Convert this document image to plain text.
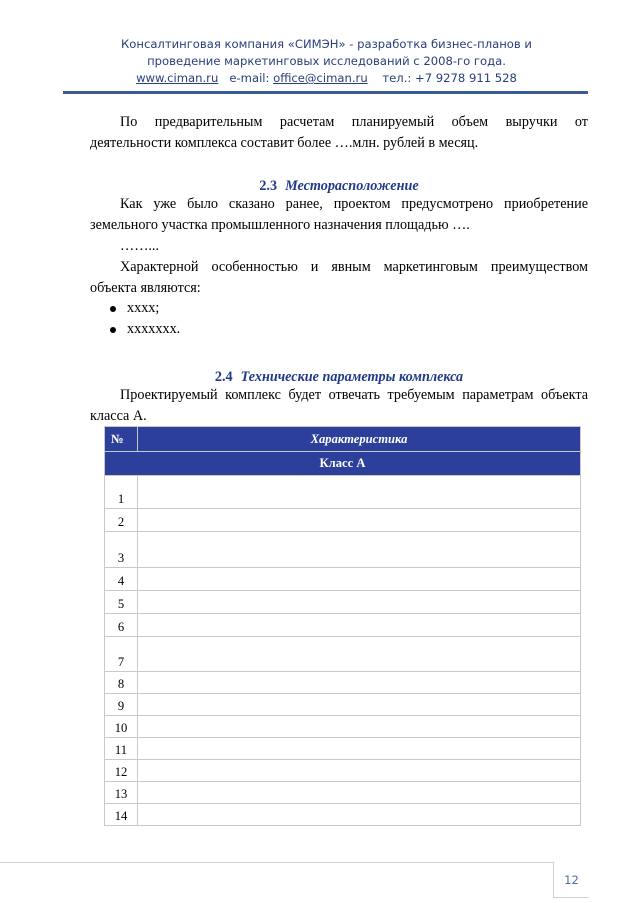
Консалтинговая компания «СИМЭН» - разработка бизнес-планов и
проведение маркетинговых исследований с 2008-го года.
www.ciman.ru e-mail: office@ciman.ru тел.: +7 9278 911 528

По предварительным расчетам планируемый объем выручки от деятельности комплекса составит более ….млн. рублей в месяц.

2.3 Месторасположение

Как уже было сказано ранее, проектом предусмотрено приобретение земельного участка промышленного назначения площадью ….

……...

Характерной особенностью и явным маркетинговым преимуществом объекта являются:

хххх;
ххххххх.
2.4 Технические параметры комплекса

Проектируемый комплекс будет отвечать требуемым параметрам объекта класса А.

№	Характеристика
Класс А	
1	
2	
3	
4	
5	
6	
7	
8	
9	
10	
11	
12	
13	
14	
12
